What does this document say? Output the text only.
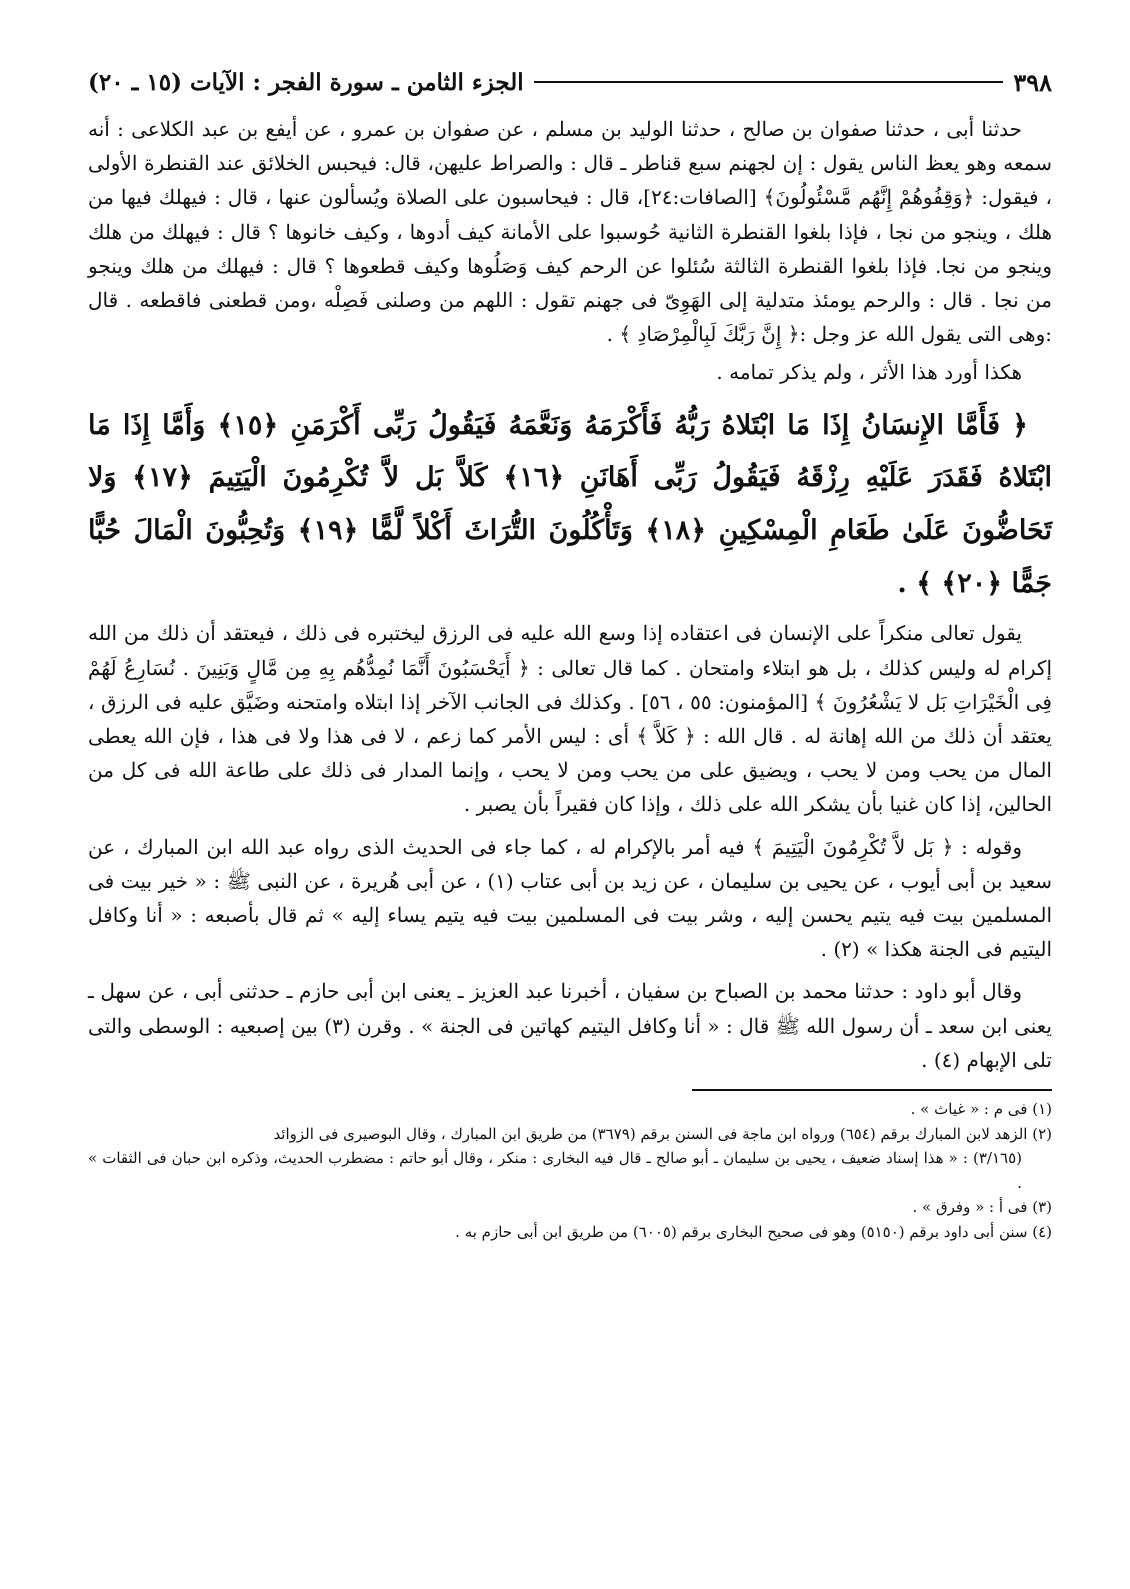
٣٩٨
الجزء الثامن ـ سورة الفجر : الآيات (١٥ ـ ٢٠)

حدثنا أبى ، حدثنا صفوان بن صالح ، حدثنا الوليد بن مسلم ، عن صفوان بن عمرو ، عن أيفع بن عبد الكلاعى : أنه سمعه وهو يعظ الناس يقول : إن لجهنم سبع قناطر ـ قال : والصراط عليهن، قال: فيحبس الخلائق عند القنطرة الأولى ، فيقول: ﴿وَقِفُوهُمْ إِنَّهُم مَّسْئُولُونَ﴾ [الصافات:٢٤]، قال : فيحاسبون على الصلاة ويُسألون عنها ، قال : فيهلك فيها من هلك ، وينجو من نجا ، فإذا بلغوا القنطرة الثانية حُوسبوا على الأمانة كيف أدوها ، وكيف خانوها ؟ قال : فيهلك من هلك وينجو من نجا. فإذا بلغوا القنطرة الثالثة سُئلوا عن الرحم كيف وَصَلُوها وكيف قطعوها ؟ قال : فيهلك من هلك وينجو من نجا . قال : والرحم يومئذ متدلية إلى الهَوِىّ فى جهنم تقول : اللهم من وصلنى فَصِلْه ،ومن قطعنى فاقطعه . قال :وهى التى يقول الله عز وجل :﴿ إِنَّ رَبَّكَ لَبِالْمِرْصَادِ ﴾ .

هكذا أورد هذا الأثر ، ولم يذكر تمامه .

﴿ فَأَمَّا الإِنسَانُ إِذَا مَا ابْتَلاهُ رَبُّهُ فَأَكْرَمَهُ وَنَعَّمَهُ فَيَقُولُ رَبِّى أَكْرَمَنِ ﴿١٥﴾ وَأَمَّا إِذَا مَا ابْتَلاهُ فَقَدَرَ عَلَيْهِ رِزْقَهُ فَيَقُولُ رَبِّى أَهَانَنِ ﴿١٦﴾ كَلاَّ بَل لاَّ تُكْرِمُونَ الْيَتِيمَ ﴿١٧﴾ وَلا تَحَاضُّونَ عَلَىٰ طَعَامِ الْمِسْكِينِ ﴿١٨﴾ وَتَأْكُلُونَ التُّرَاثَ أَكْلاً لَّمًّا ﴿١٩﴾ وَتُحِبُّونَ الْمَالَ حُبًّا جَمًّا ﴿٢٠﴾ ﴾ .

يقول تعالى منكراً على الإنسان فى اعتقاده إذا وسع الله عليه فى الرزق ليختبره فى ذلك ، فيعتقد أن ذلك من الله إكرام له وليس كذلك ، بل هو ابتلاء وامتحان . كما قال تعالى : ﴿ أَيَحْسَبُونَ أَنَّمَا نُمِدُّهُم بِهِ مِن مَّالٍ وَبَنِينَ . نُسَارِعُ لَهُمْ فِى الْخَيْرَاتِ بَل لا يَشْعُرُونَ ﴾ [المؤمنون: ٥٥ ، ٥٦] . وكذلك فى الجانب الآخر إذا ابتلاه وامتحنه وضَيَّق عليه فى الرزق ، يعتقد أن ذلك من الله إهانة له . قال الله : ﴿ كَلاَّ ﴾ أى : ليس الأمر كما زعم ، لا فى هذا ولا فى هذا ، فإن الله يعطى المال من يحب ومن لا يحب ، ويضيق على من يحب ومن لا يحب ، وإنما المدار فى ذلك على طاعة الله فى كل من الحالين، إذا كان غنيا بأن يشكر الله على ذلك ، وإذا كان فقيراً بأن يصبر .

وقوله : ﴿ بَل لاَّ تُكْرِمُونَ الْيَتِيمَ ﴾ فيه أمر بالإكرام له ، كما جاء فى الحديث الذى رواه عبد الله ابن المبارك ، عن سعيد بن أبى أيوب ، عن يحيى بن سليمان ، عن زيد بن أبى عتاب (١) ، عن أبى هُريرة ، عن النبى ﷺ : « خير بيت فى المسلمين بيت فيه يتيم يحسن إليه ، وشر بيت فى المسلمين بيت فيه يتيم يساء إليه » ثم قال بأصبعه : « أنا وكافل اليتيم فى الجنة هكذا » (٢) .

وقال أبو داود : حدثنا محمد بن الصباح بن سفيان ، أخبرنا عبد العزيز ـ يعنى ابن أبى حازم ـ حدثنى أبى ، عن سهل ـ يعنى ابن سعد ـ أن رسول الله ﷺ قال : « أنا وكافل اليتيم كهاتين فى الجنة » . وقرن (٣) بين إصبعيه : الوسطى والتى تلى الإبهام (٤) .

(١) فى م : « غياث » .

(٢) الزهد لابن المبارك برقم (٦٥٤) ورواه ابن ماجة فى السنن برقم (٣٦٧٩) من طريق ابن المبارك ، وقال البوصيرى فى الزوائد

(٣/١٦٥) : « هذا إسناد ضعيف ، يحيى بن سليمان ـ أبو صالح ـ قال فيه البخارى : منكر ، وقال أبو حاتم : مضطرب الحديث، وذكره ابن حبان فى الثقات » .

(٣) فى أ : « وفرق » .

(٤) سنن أبى داود برقم (٥١٥٠) وهو فى صحيح البخارى برقم (٦٠٠٥) من طريق ابن أبى حازم به .
